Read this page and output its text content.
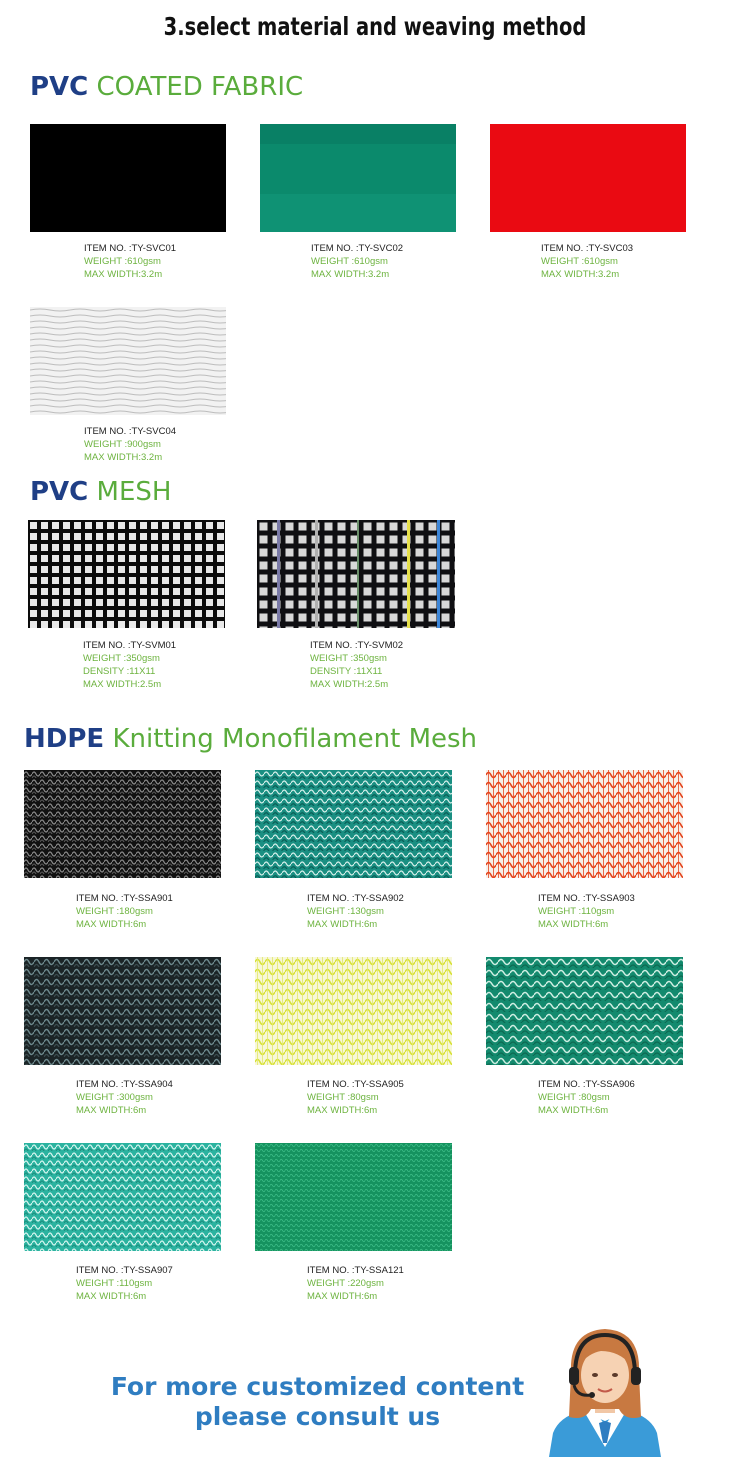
3.select material and weaving method
PVC COATED FABRIC
ITEM NO. :TY-SVC01
WEIGHT :610gsm
MAX WIDTH:3.2m
ITEM NO. :TY-SVC02
WEIGHT :610gsm
MAX WIDTH:3.2m
ITEM NO. :TY-SVC03
WEIGHT :610gsm
MAX WIDTH:3.2m
ITEM NO. :TY-SVC04
WEIGHT :900gsm
MAX WIDTH:3.2m
PVC MESH
ITEM NO. :TY-SVM01
WEIGHT :350gsm
DENSITY :11X11
MAX WIDTH:2.5m
ITEM NO. :TY-SVM02
WEIGHT :350gsm
DENSITY :11X11
MAX WIDTH:2.5m
HDPE Knitting Monofilament Mesh
ITEM NO. :TY-SSA901
WEIGHT :180gsm
MAX WIDTH:6m
ITEM NO. :TY-SSA902
WEIGHT :130gsm
MAX WIDTH:6m
ITEM NO. :TY-SSA903
WEIGHT :110gsm
MAX WIDTH:6m
ITEM NO. :TY-SSA904
WEIGHT :300gsm
MAX WIDTH:6m
ITEM NO. :TY-SSA905
WEIGHT :80gsm
MAX WIDTH:6m
ITEM NO. :TY-SSA906
WEIGHT :80gsm
MAX WIDTH:6m
ITEM NO. :TY-SSA907
WEIGHT :110gsm
MAX WIDTH:6m
ITEM NO. :TY-SSA121
WEIGHT :220gsm
MAX WIDTH:6m
For more customized content
please consult us
